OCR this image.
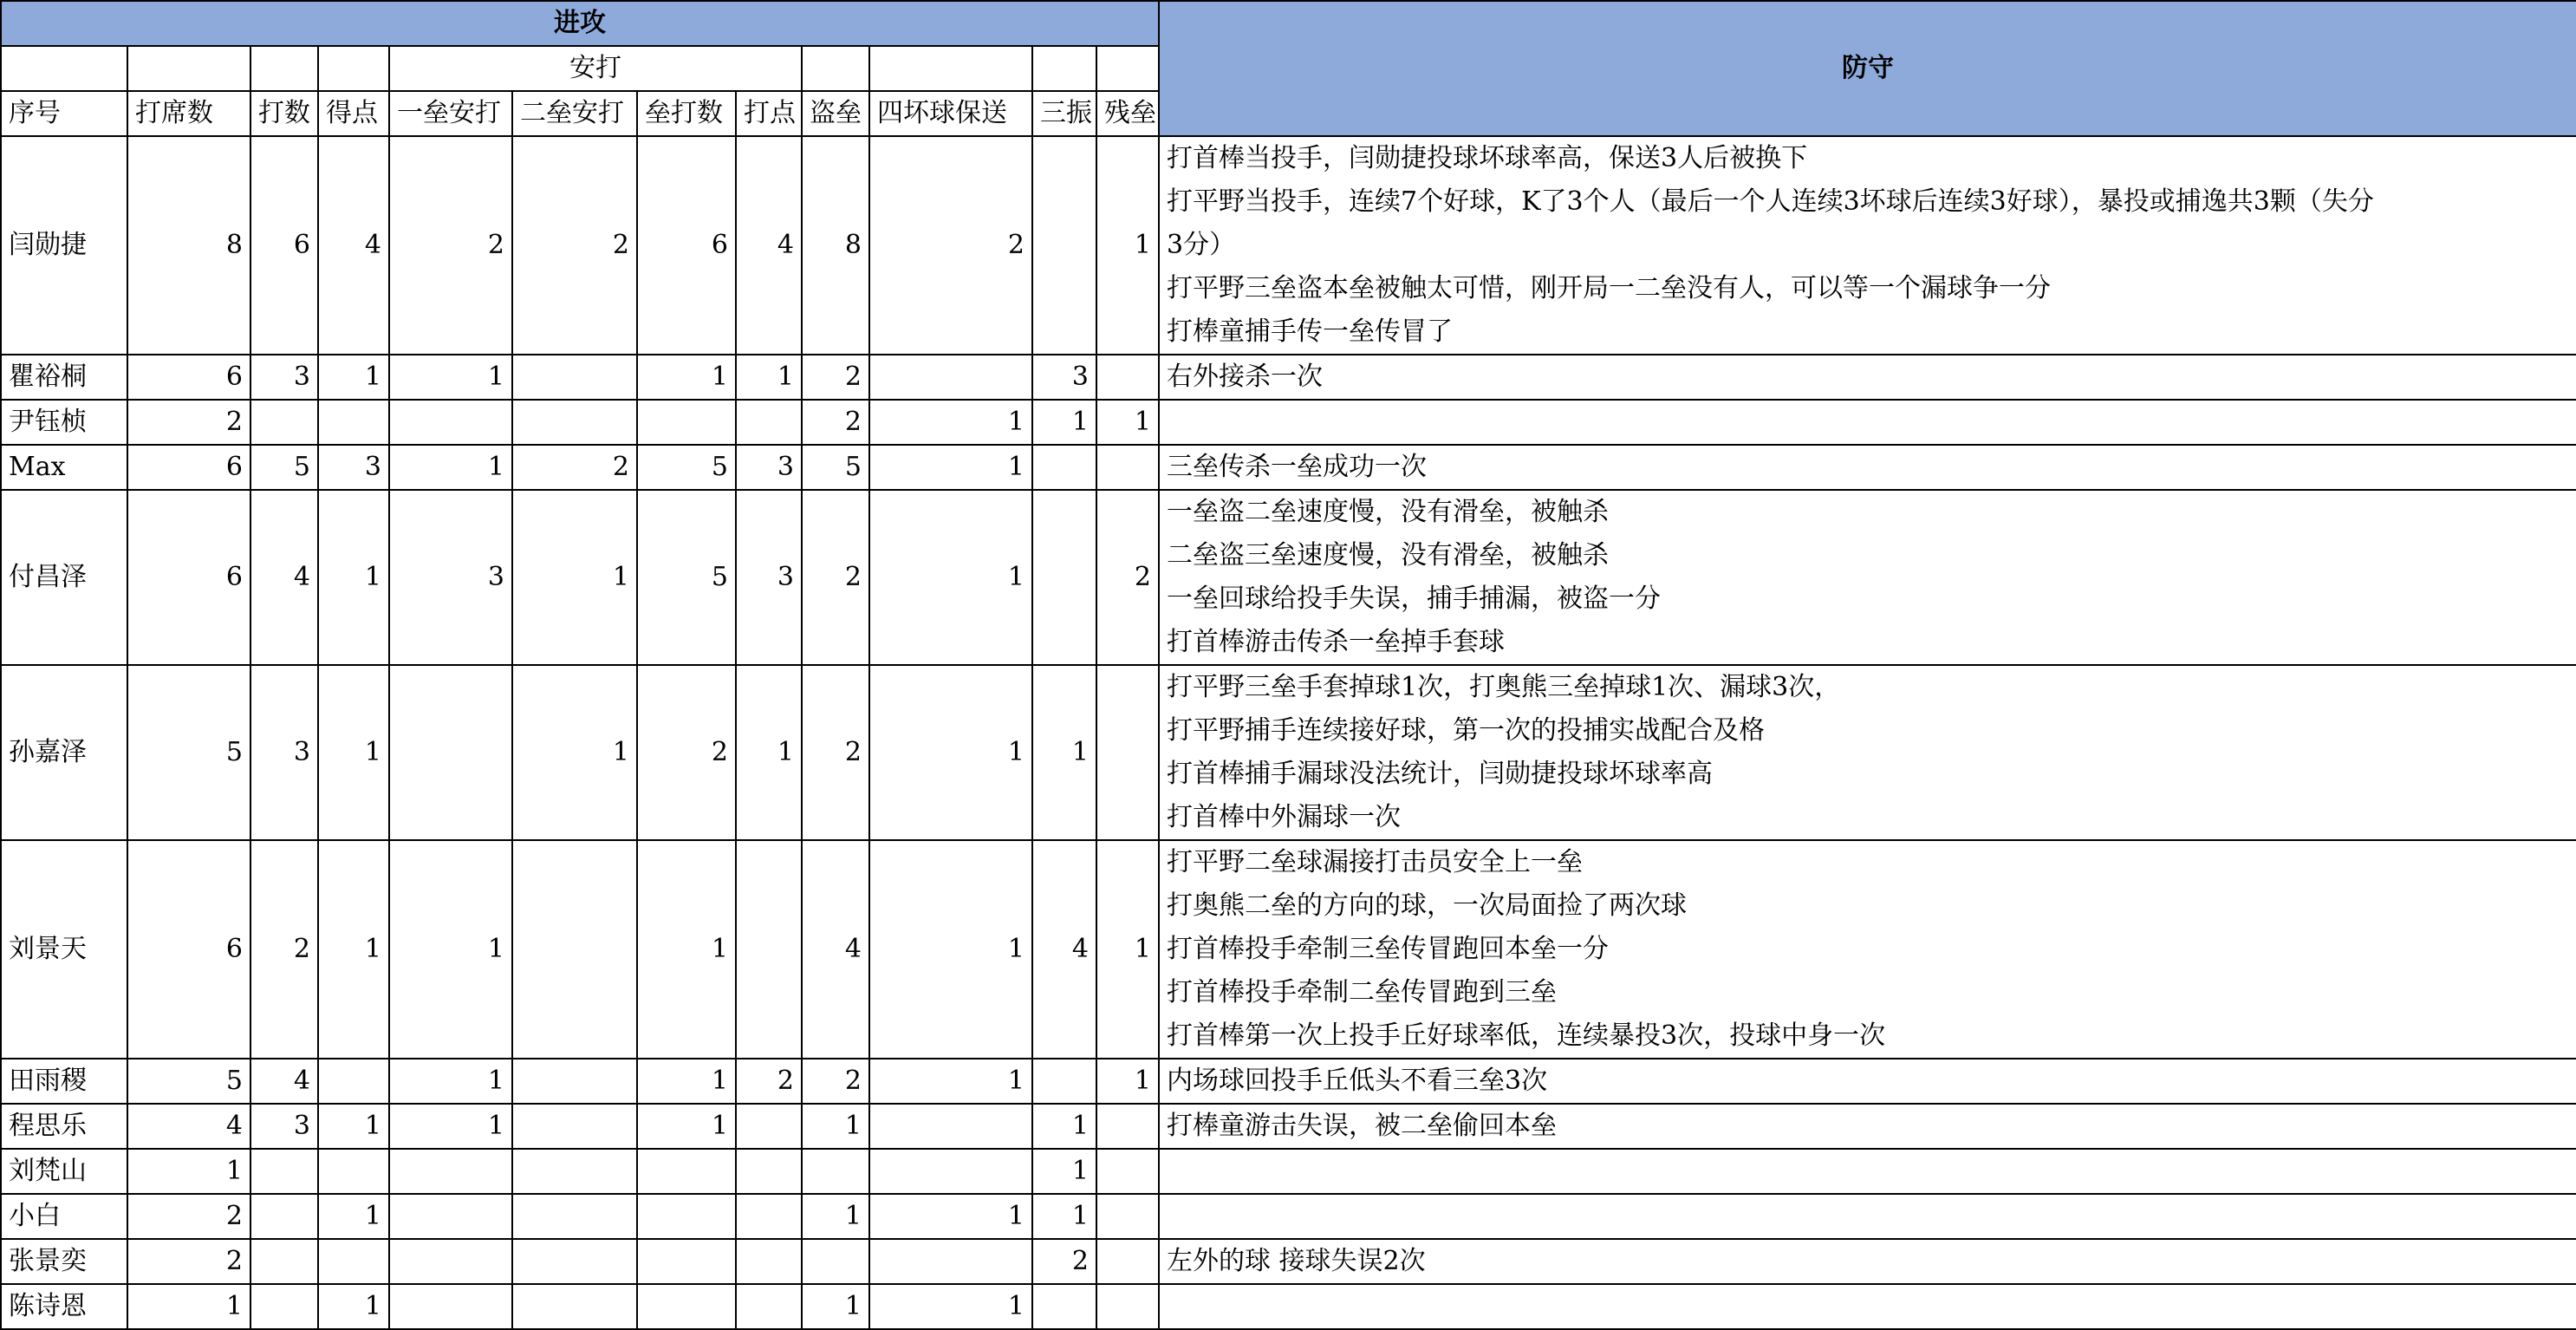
进攻												防守
				安打								
序号	打席数	打数	得点	一垒安打	二垒安打	垒打数	打点	盗垒	四坏球保送	三振	残垒	
闫勋捷	8	6	4	2	2	6	4	8	2		1	打首棒当投手，闫勋捷投球坏球率高，保送3人后被换下
打平野当投手，连续7个好球，K了3个人（最后一个人连续3坏球后连续3好球），暴投或捕逸共3颗（失分
3分）
打平野三垒盗本垒被触太可惜，刚开局一二垒没有人，可以等一个漏球争一分
打棒童捕手传一垒传冒了

瞿裕桐	6	3	1	1		1	1	2		3		右外接杀一次

尹钰桢	2							2	1	1	1	

Max	6	5	3	1	2	5	3	5	1			三垒传杀一垒成功一次

付昌泽	6	4	1	3	1	5	3	2	1		2	一垒盗二垒速度慢，没有滑垒，被触杀
二垒盗三垒速度慢，没有滑垒，被触杀
一垒回球给投手失误，捕手捕漏，被盗一分
打首棒游击传杀一垒掉手套球

孙嘉泽	5	3	1		1	2	1	2	1	1		打平野三垒手套掉球1次，打奥熊三垒掉球1次、漏球3次，
打平野捕手连续接好球，第一次的投捕实战配合及格
打首棒捕手漏球没法统计，闫勋捷投球坏球率高
打首棒中外漏球一次

刘景天	6	2	1	1		1		4	1	4	1	打平野二垒球漏接打击员安全上一垒
打奥熊二垒的方向的球，一次局面捡了两次球
打首棒投手牵制三垒传冒跑回本垒一分
打首棒投手牵制二垒传冒跑到三垒
打首棒第一次上投手丘好球率低，连续暴投3次，投球中身一次

田雨稷	5	4		1		1	2	2	1		1	内场球回投手丘低头不看三垒3次

程思乐	4	3	1	1		1		1		1		打棒童游击失误，被二垒偷回本垒

刘梵山	1									1		

小白	2		1					1	1	1		

张景奕	2									2		左外的球 接球失误2次

陈诗恩	1		1					1	1			
